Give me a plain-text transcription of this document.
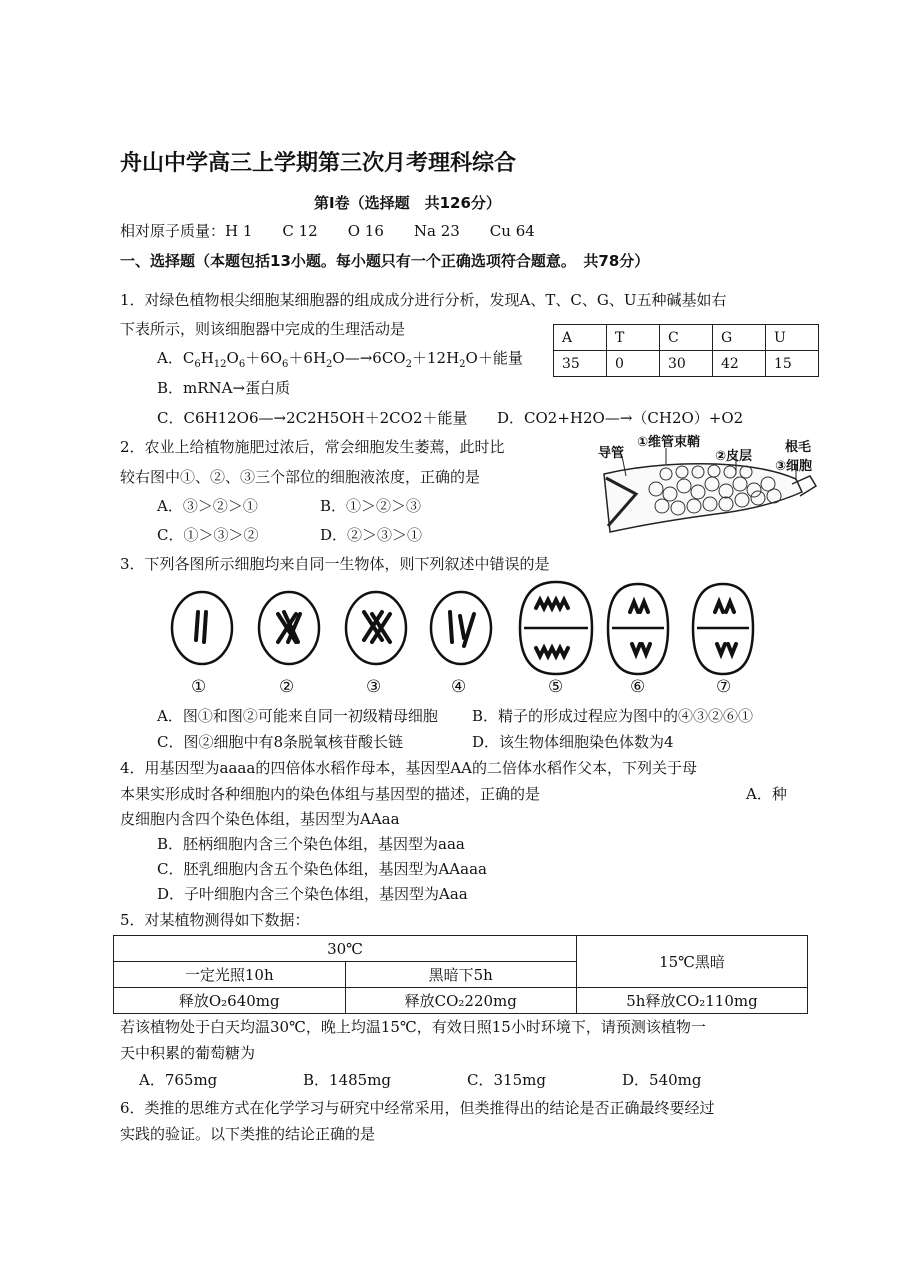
舟山中学高三上学期第三次月考理科综合
第Ⅰ卷（选择题　共126分）
相对原子质量：H 1　　C 12　　O 16　　Na 23　　Cu 64
一、选择题（本题包括13小题。每小题只有一个正确选项符合题意。　共78分）
1．对绿色植物根尖细胞某细胞器的组成成分进行分析，发现A、T、C、G、U五种碱基如右
下表所示，则该细胞器中完成的生理活动是
A．$C_6H_{12}O_6+6O_6+6H_2O—\to 6CO_2+12H_2O+$能量
B．mRNA→蛋白质
C．C6H12O6—→2C2H5OH＋2CO2＋能量 D．CO2+H2O—→（CH2O）+O2
A	T	C	G	U
35	0	30	42	15
2．农业上给植物施肥过浓后，常会细胞发生萎蔫，此时比
较右图中①、②、③三个部位的细胞液浓度，正确的是
A．③＞②＞①	B．①＞②＞③
C．①＞③＞②	D．②＞③＞①
导管
①维管束鞘
②皮层
根毛
③细胞
3．下列各图所示细胞均来自同一生物体，则下列叙述中错误的是
①	②	③	④	⑤	⑥	⑦
A．图①和图②可能来自同一初级精母细胞 B．精子的形成过程应为图中的④③②⑥①
C．图②细胞中有8条脱氧核苷酸长链	D．该生物体细胞染色体数为4
4．用基因型为aaaa的四倍体水稻作母本，基因型AA的二倍体水稻作父本，下列关于母
本果实形成时各种细胞内的染色体组与基因型的描述，正确的是	A．种
皮细胞内含四个染色体组，基因型为AAaa
B．胚柄细胞内含三个染色体组，基因型为aaa
C．胚乳细胞内含五个染色体组，基因型为AAaaa
D．子叶细胞内含三个染色体组，基因型为Aaa
5．对某植物测得如下数据：
30℃		15℃黑暗
一定光照10h	黑暗下5h	
释放O₂640mg	释放CO₂220mg	5h释放CO₂110mg
若该植物处于白天均温30℃，晚上均温15℃，有效日照15小时环境下，请预测该植物一
天中积累的葡萄糖为
A．765mg	B．1485mg	C．315mg	D．540mg
6．类推的思维方式在化学学习与研究中经常采用，但类推得出的结论是否正确最终要经过
实践的验证。以下类推的结论正确的是
